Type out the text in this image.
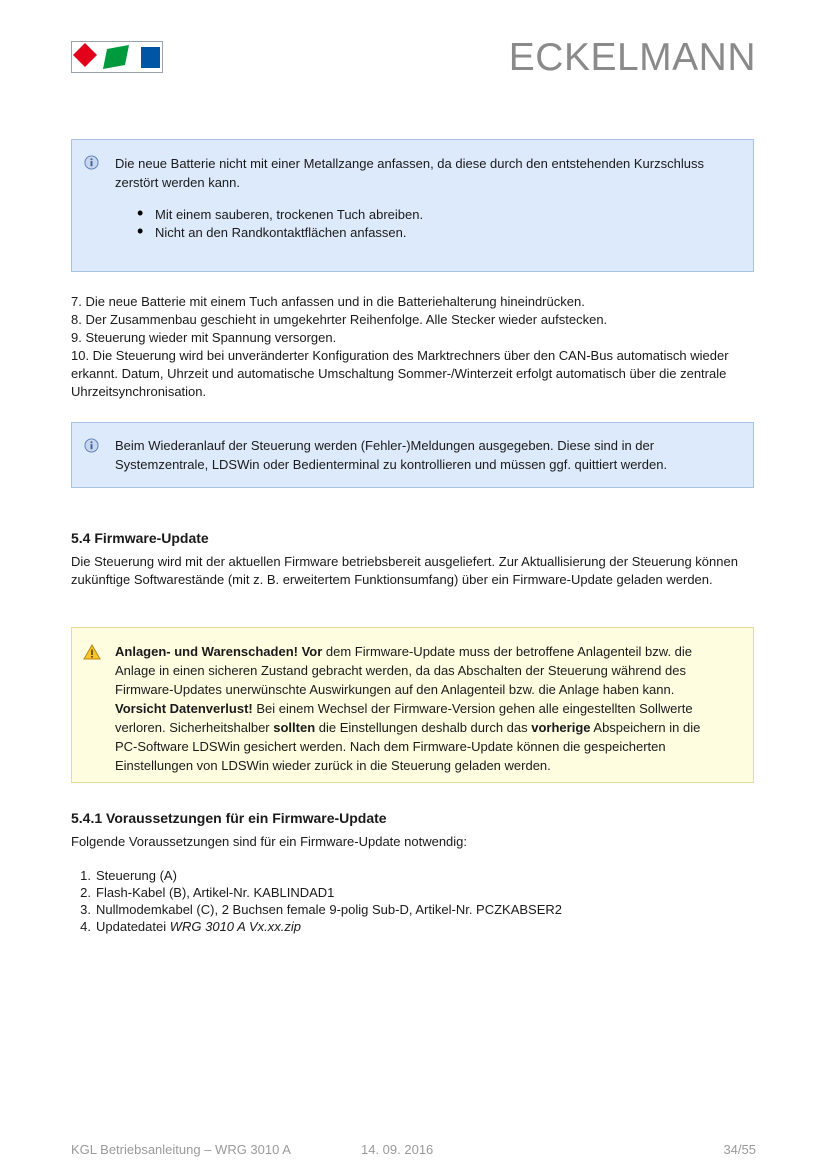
ECKELMANN
Die neue Batterie nicht mit einer Metallzange anfassen, da diese durch den entstehenden Kurzschluss zerstört werden kann.
• Mit einem sauberen, trockenen Tuch abreiben.
• Nicht an den Randkontaktflächen anfassen.

7. Die neue Batterie mit einem Tuch anfassen und in die Batteriehalterung hineindrücken.

8. Der Zusammenbau geschieht in umgekehrter Reihenfolge. Alle Stecker wieder aufstecken.

9. Steuerung wieder mit Spannung versorgen.

10. Die Steuerung wird bei unveränderter Konfiguration des Marktrechners über den CAN-Bus automatisch wieder erkannt. Datum, Uhrzeit und automatische Umschaltung Sommer-/Winterzeit erfolgt automatisch über die zentrale Uhrzeitsynchronisation.

Beim Wiederanlauf der Steuerung werden (Fehler-)Meldungen ausgegeben. Diese sind in der Systemzentrale, LDSWin oder Bedienterminal zu kontrollieren und müssen ggf. quittiert werden.
5.4 Firmware-Update
Die Steuerung wird mit der aktuellen Firmware betriebsbereit ausgeliefert. Zur Aktuallisierung der Steuerung können zukünftige Softwarestände (mit z. B. erweitertem Funktionsumfang) über ein Firmware-Update geladen werden.
Anlagen- und Warenschaden! Vor dem Firmware-Update muss der betroffene Anlagenteil bzw. die Anlage in einen sicheren Zustand gebracht werden, da das Abschalten der Steuerung während des Firmware-Updates unerwünschte Auswirkungen auf den Anlagenteil bzw. die Anlage haben kann. Vorsicht Datenverlust! Bei einem Wechsel der Firmware-Version gehen alle eingestellten Sollwerte verloren. Sicherheitshalber sollten die Einstellungen deshalb durch das vorherige Abspeichern in die PC-Software LDSWin gesichert werden. Nach dem Firmware-Update können die gespeicherten Einstellungen von LDSWin wieder zurück in die Steuerung geladen werden.
5.4.1 Voraussetzungen für ein Firmware-Update
Folgende Voraussetzungen sind für ein Firmware-Update notwendig:
1. Steuerung (A)
2. Flash-Kabel (B), Artikel-Nr. KABLINDAD1
3. Nullmodemkabel (C), 2 Buchsen female 9-polig Sub-D, Artikel-Nr. PCZKABSER2
4. Updatedatei WRG 3010 A Vx.xx.zip
KGL Betriebsanleitung – WRG 3010 A	14. 09. 2016	34/55
